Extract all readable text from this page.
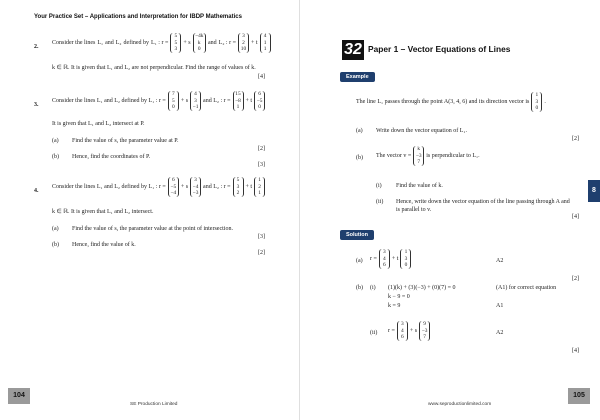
Your Practice Set – Applications and Interpretation for IBDP Mathematics
2.
Consider the lines L₁ and L₂ defined by L₁ : r =
5
5
3
+ s
−4k
k
0
and L₂ : r =
3
2
10
+ t
4
1
1
k ∈ ℝ. It is given that L₁ and L₂ are not perpendicular. Find the range of values of k.
[4]
3.
Consider the lines L₁ and L₂ defined by L₁ : r =
7
5
0
+ s
4
3
−1
and L₂ : r =
15
−8
1
+ t
6
−5
0
It is given that L₁ and L₂ intersect at P.
(a) Find the value of s, the parameter value at P.
[2]
(b) Hence, find the coordinates of P.
[3]
4.
Consider the lines L₁ and L₂ defined by L₁ : r =
6
−5
−4
+ s
3
−4
−3
and L₂ : r =
5
3
2
+ t
1
2
1
k ∈ ℝ. It is given that L₁ and L₂ intersect.
(a) Find the value of s, the parameter value at the point of intersection.
[3]
(b) Hence, find the value of k.
[2]
104
SE Production Limited
32 Paper 1 – Vector Equations of Lines
Example
The line L₁ passes through the point A(3, 4, 6) and its direction vector is
1
3
0
.
(a) Write down the vector equation of L₁.
[2]
(b) The vector v =
k
−3
7
is perpendicular to L₁.
(i) Find the value of k.
(ii) Hence, write down the vector equation of the line passing through A and
is parallel to v.
[4]
Solution
(a) r =
3
4
6
+ t
1
3
0
A2
[2]
(b) (i) (1)(k) + (3)(−3) + (0)(7) = 0	(A1) for correct equation
k − 9 = 0
k = 9	A1
(ii) r =
3
4
6
+ s
9
−3
7
A2
[4]
8
105
www.seproductionlimited.com
